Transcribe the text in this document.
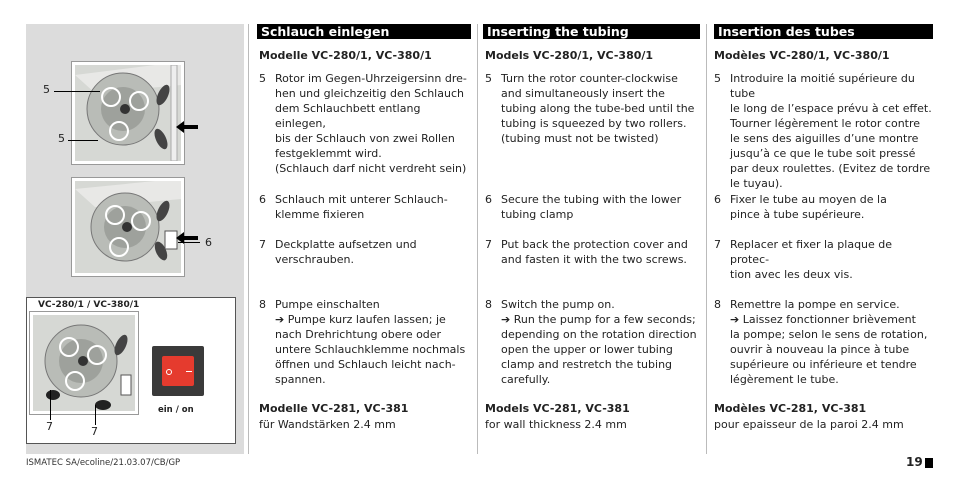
5
5
6
VC-280/1 / VC-380/1
7	7
ein / on
Schlauch einlegen
Modelle VC-280/1, VC-380/1
5 Rotor im Gegen-Uhrzeigersinn dre-
hen und gleichzeitig den Schlauch
dem Schlauchbett entlang einlegen,
bis der Schlauch von zwei Rollen
festgeklemmt wird.
(Schlauch darf nicht verdreht sein)
6 Schlauch mit unterer Schlauch-
klemme fixieren
7 Deckplatte aufsetzen und
verschrauben.
8 Pumpe einschalten
➔ Pumpe kurz laufen lassen; je
nach Drehrichtung obere oder
untere Schlauchklemme nochmals
öffnen und Schlauch leicht nach-
spannen.
Modelle VC-281, VC-381
für Wandstärken 2.4 mm
Inserting the tubing
Models VC-280/1, VC-380/1
5 Turn the rotor counter-clockwise
and simultaneously insert the
tubing along the tube-bed until the
tubing is squeezed by two rollers.
(tubing must not be twisted)
6 Secure the tubing with the lower
tubing clamp
7 Put back the protection cover and
and fasten it with the two screws.
8 Switch the pump on.
➔ Run the pump for a few seconds;
depending on the rotation direction
open the upper or lower tubing
clamp and restretch the tubing
carefully.
Models VC-281, VC-381
for wall thickness 2.4 mm
Insertion des tubes
Modèles VC-280/1, VC-380/1
5 Introduire la moitié supérieure du tube
le long de l’espace prévu à cet effet.
Tourner légèrement le rotor contre
le sens des aiguilles d’une montre
jusqu’à ce que le tube soit pressé
par deux roulettes. (Evitez de tordre
le tuyau).
6 Fixer le tube au moyen de la
pince à tube supérieure.
7 Replacer et fixer la plaque de protec-
tion avec les deux vis.
8 Remettre la pompe en service.
➔ Laissez fonctionner brièvement
la pompe; selon le sens de rotation,
ouvrir à nouveau la pince à tube
supérieure ou inférieure et tendre
légèrement le tube.
Modèles VC-281, VC-381
pour epaisseur de la paroi 2.4 mm
ISMATEC SA/ecoline/21.03.07/CB/GP	19
